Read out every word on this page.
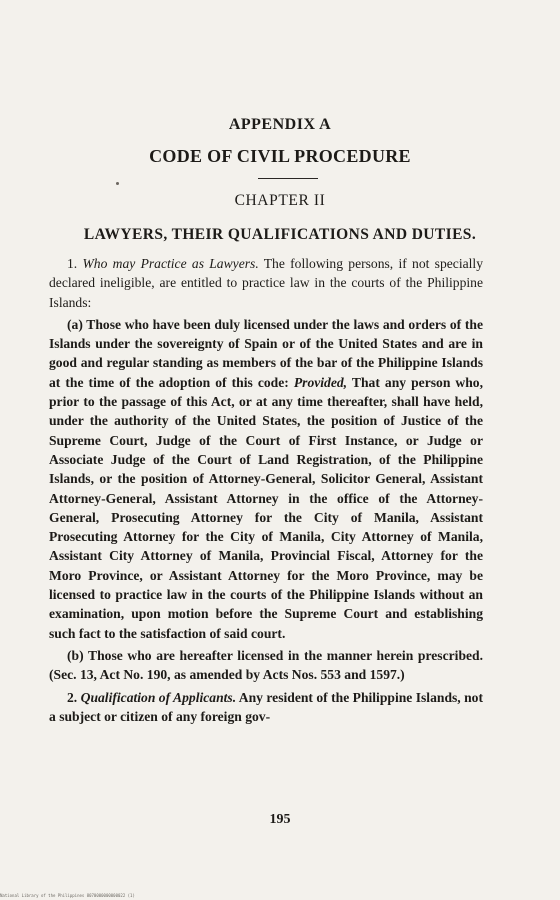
APPENDIX A
CODE OF CIVIL PROCEDURE
CHAPTER II
LAWYERS, THEIR QUALIFICATIONS AND DUTIES.

1. Who may Practice as Lawyers. The following persons, if not specially declared ineligible, are entitled to practice law in the courts of the Philippine Islands:

(a) Those who have been duly licensed under the laws and orders of the Islands under the sovereignty of Spain or of the United States and are in good and regular standing as members of the bar of the Philippine Islands at the time of the adoption of this code: Provided, That any person who, prior to the passage of this Act, or at any time thereafter, shall have held, under the authority of the United States, the position of Justice of the Supreme Court, Judge of the Court of First Instance, or Judge or Associate Judge of the Court of Land Registration, of the Philippine Islands, or the position of Attorney-General, Solicitor General, Assistant Attorney-General, Assistant Attorney in the office of the Attorney-General, Prosecuting Attorney for the City of Manila, Assistant Prosecuting Attorney for the City of Manila, City Attorney of Manila, Assistant City Attorney of Manila, Provincial Fiscal, Attorney for the Moro Province, or Assistant Attorney for the Moro Province, may be licensed to practice law in the courts of the Philippine Islands without an examination, upon motion before the Supreme Court and establishing such fact to the satisfaction of said court.

(b) Those who are hereafter licensed in the manner herein prescribed. (Sec. 13, Act No. 190, as amended by Acts Nos. 553 and 1597.)

2. Qualification of Applicants. Any resident of the Philippine Islands, not a subject or citizen of any foreign gov-

195
National Library of the Philippines 8070000000000022 (1)
